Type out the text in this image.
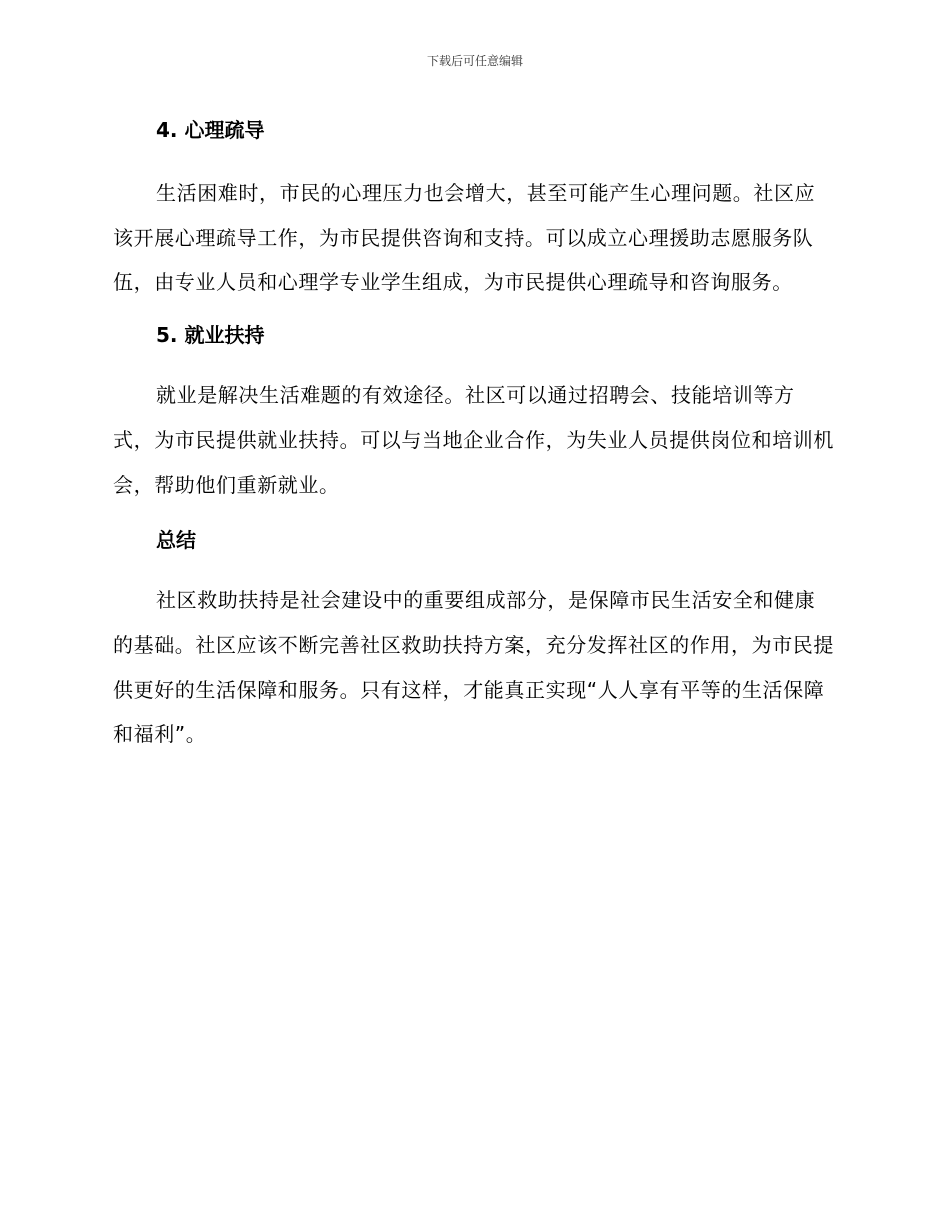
下载后可任意编辑
4. 心理疏导

生活困难时，市民的心理压力也会增大，甚至可能产生心理问题。社区应该开展心理疏导工作，为市民提供咨询和支持。可以成立心理援助志愿服务队伍，由专业人员和心理学专业学生组成，为市民提供心理疏导和咨询服务。

5. 就业扶持

就业是解决生活难题的有效途径。社区可以通过招聘会、技能培训等方式，为市民提供就业扶持。可以与当地企业合作，为失业人员提供岗位和培训机会，帮助他们重新就业。

总结

社区救助扶持是社会建设中的重要组成部分，是保障市民生活安全和健康的基础。社区应该不断完善社区救助扶持方案，充分发挥社区的作用，为市民提供更好的生活保障和服务。只有这样，才能真正实现“人人享有平等的生活保障和福利”。
